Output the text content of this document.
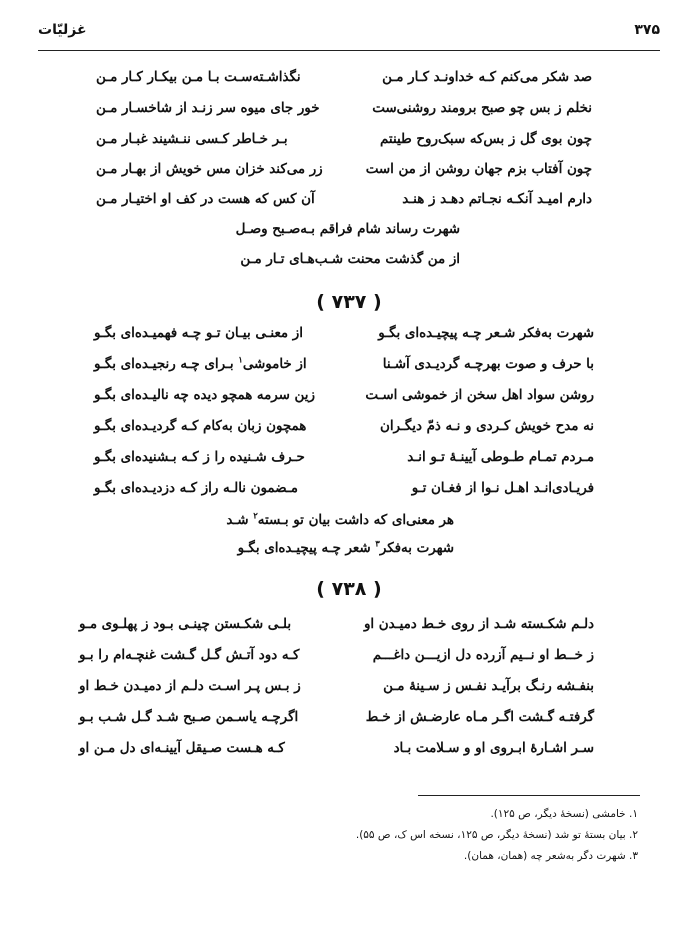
۳۷۵
غزلیّات
صد شکر می‌کنم کـه خداونـد کـار مـن
نگذاشـته‌سـت بـا مـن بیکـار کـار مـن
نخلم ز بس چو صبح برومند روشنی‌ست
خور جای میوه سر زنـد از شاخسـار مـن
چون بوی گل ز بس‌که سبک‌روح طینتم
بـر خـاطر کـسی ننـشیند غبـار مـن
چون آفتاب بزم جهان روشن از من است
زر می‌کند خزان مس خویش از بهـار مـن
دارم امیـد آنکـه نجـاتم دهـد ز هنـد
آن کس که هست در کف او اختیـار مـن
شهرت رساند شام فراقم بـه‌صـبح وصـل
از من گذشت محنت شـب‌هـای تـار مـن
( ۷۳۷ )
شهرت به‌فکر شـعر چـه پیچیـده‌ای بگـو
از معنـی بیـان تـو چـه فهمیـده‌ای بگـو
با حرف و صوت بهرچـه گردیـدی آشـنا
از خاموشی$^۱$ بـرای چـه رنجیـده‌ای بگـو
روشن سواد اهل سخن از خموشی اسـت
زین سرمه همچو دیده چه نالیـده‌ای بگـو
نه مدح خویش کـردی و نـه ذمّ دیگـران
همچون زبان به‌کام کـه گردیـده‌ای بگـو
مـردم تمـام طـوطی آیینـهٔ تـو انـد
حـرف شـنیده را ز کـه بـشنیده‌ای بگـو
فریـادی‌انـد اهـل نـوا از فغـان تـو
مـضمون نالـه راز کـه دزدیـده‌ای بگـو
هر معنی‌ای که داشت بیان تو بـسته$^۲$ شـد
شهرت به‌فکر$^۳$ شعر چـه پیچیـده‌ای بگـو
( ۷۳۸ )
دلـم شکـسته شـد از روی خـط دمیـدن او
بلـی شکـستن چینـی بـود ز پهلـوی مـو
ز خــط او نــیم آزرده دل ازیـــن داغـــم
کـه دود آتـش گـل گـشت غنچـه‌ام را بـو
بنفـشه رنـگ برآیـد نفـس ز سـینهٔ مـن
ز بـس پـر اسـت دلـم از دمیـدن خـط او
گرفتـه گـشت اگـر مـاه عارضـش از خـط
اگرچـه یاسـمن صـبح شـد گـل شـب بـو
سـر اشـارهٔ ابـروی او و سـلامت بـاد
کـه هـست صـیقل آیینـه‌ای دل مـن او
۱. خامشی (نسخهٔ دیگر، ص ۱۲۵).
۲. بیان بستهٔ تو شد (نسخهٔ دیگر، ص ۱۲۵، نسخه اس ک، ص ۵۵).
۳. شهرت دگر به‌شعر چه (همان، همان).
